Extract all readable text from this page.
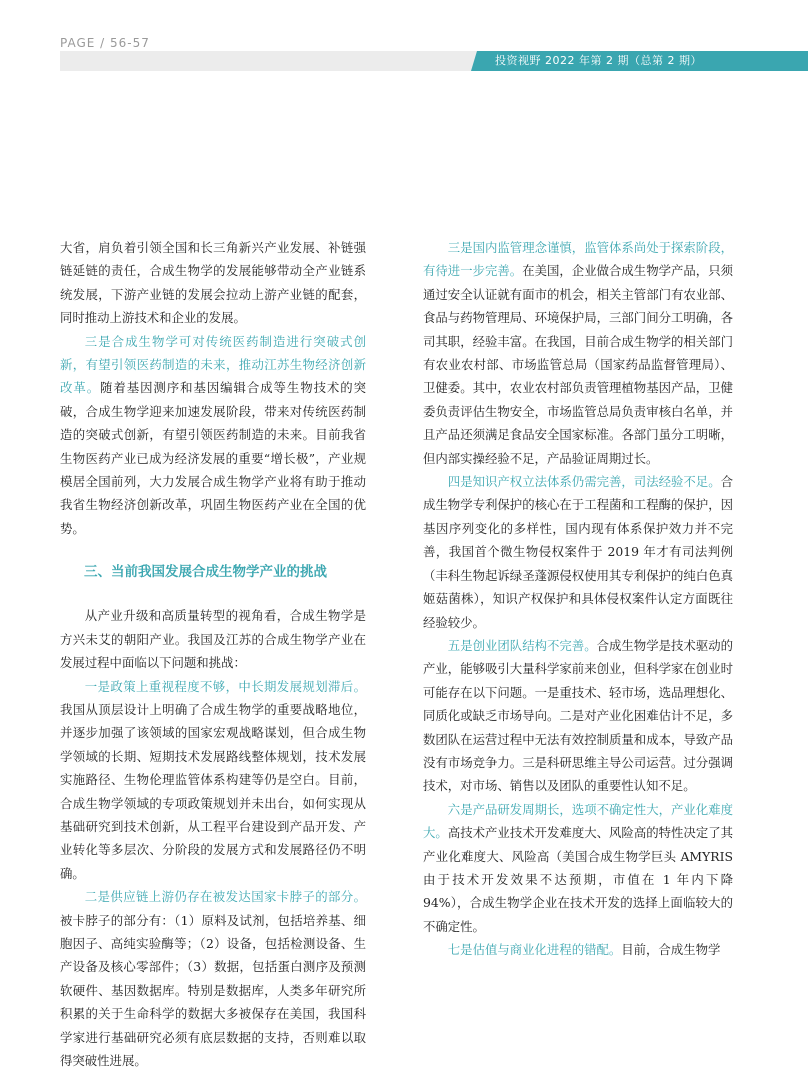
PAGE / 56-57
投资视野 2022 年第 2 期（总第 2 期）

大省，肩负着引领全国和长三角新兴产业发展、补链强链延链的责任，合成生物学的发展能够带动全产业链系统发展，下游产业链的发展会拉动上游产业链的配套，同时推动上游技术和企业的发展。

三是合成生物学可对传统医药制造进行突破式创新，有望引领医药制造的未来，推动江苏生物经济创新改革。随着基因测序和基因编辑合成等生物技术的突破，合成生物学迎来加速发展阶段，带来对传统医药制造的突破式创新，有望引领医药制造的未来。目前我省生物医药产业已成为经济发展的重要“增长极”，产业规模居全国前列，大力发展合成生物学产业将有助于推动我省生物经济创新改革，巩固生物医药产业在全国的优势。

三、当前我国发展合成生物学产业的挑战

从产业升级和高质量转型的视角看，合成生物学是方兴未艾的朝阳产业。我国及江苏的合成生物学产业在发展过程中面临以下问题和挑战：

一是政策上重视程度不够，中长期发展规划滞后。我国从顶层设计上明确了合成生物学的重要战略地位，并逐步加强了该领域的国家宏观战略谋划，但合成生物学领域的长期、短期技术发展路线整体规划，技术发展实施路径、生物伦理监管体系构建等仍是空白。目前，合成生物学领域的专项政策规划并未出台，如何实现从基础研究到技术创新，从工程平台建设到产品开发、产业转化等多层次、分阶段的发展方式和发展路径仍不明确。

二是供应链上游仍存在被发达国家卡脖子的部分。被卡脖子的部分有：（1）原料及试剂，包括培养基、细胞因子、高纯实验酶等；（2）设备，包括检测设备、生产设备及核心零部件；（3）数据，包括蛋白测序及预测软硬件、基因数据库。特别是数据库，人类多年研究所积累的关于生命科学的数据大多被保存在美国，我国科学家进行基础研究必须有底层数据的支持，否则难以取得突破性进展。

三是国内监管理念谨慎，监管体系尚处于探索阶段，有待进一步完善。在美国，企业做合成生物学产品，只须通过安全认证就有面市的机会，相关主管部门有农业部、食品与药物管理局、环境保护局，三部门间分工明确，各司其职，经验丰富。在我国，目前合成生物学的相关部门有农业农村部、市场监管总局（国家药品监督管理局）、卫健委。其中，农业农村部负责管理植物基因产品，卫健委负责评估生物安全，市场监管总局负责审核白名单，并且产品还须满足食品安全国家标准。各部门虽分工明晰，但内部实操经验不足，产品验证周期过长。

四是知识产权立法体系仍需完善，司法经验不足。合成生物学专利保护的核心在于工程菌和工程酶的保护，因基因序列变化的多样性，国内现有体系保护效力并不完善，我国首个微生物侵权案件于 2019 年才有司法判例（丰科生物起诉绿圣蓬源侵权使用其专利保护的纯白色真姬菇菌株），知识产权保护和具体侵权案件认定方面既往经验较少。

五是创业团队结构不完善。合成生物学是技术驱动的产业，能够吸引大量科学家前来创业，但科学家在创业时可能存在以下问题。一是重技术、轻市场，选品理想化、同质化或缺乏市场导向。二是对产业化困难估计不足，多数团队在运营过程中无法有效控制质量和成本，导致产品没有市场竞争力。三是科研思维主导公司运营。过分强调技术，对市场、销售以及团队的重要性认知不足。

六是产品研发周期长，选项不确定性大，产业化难度大。高技术产业技术开发难度大、风险高的特性决定了其产业化难度大、风险高（美国合成生物学巨头 AMYRIS 由于技术开发效果不达预期，市值在 1 年内下降 94%），合成生物学企业在技术开发的选择上面临较大的不确定性。

七是估值与商业化进程的错配。目前，合成生物学
